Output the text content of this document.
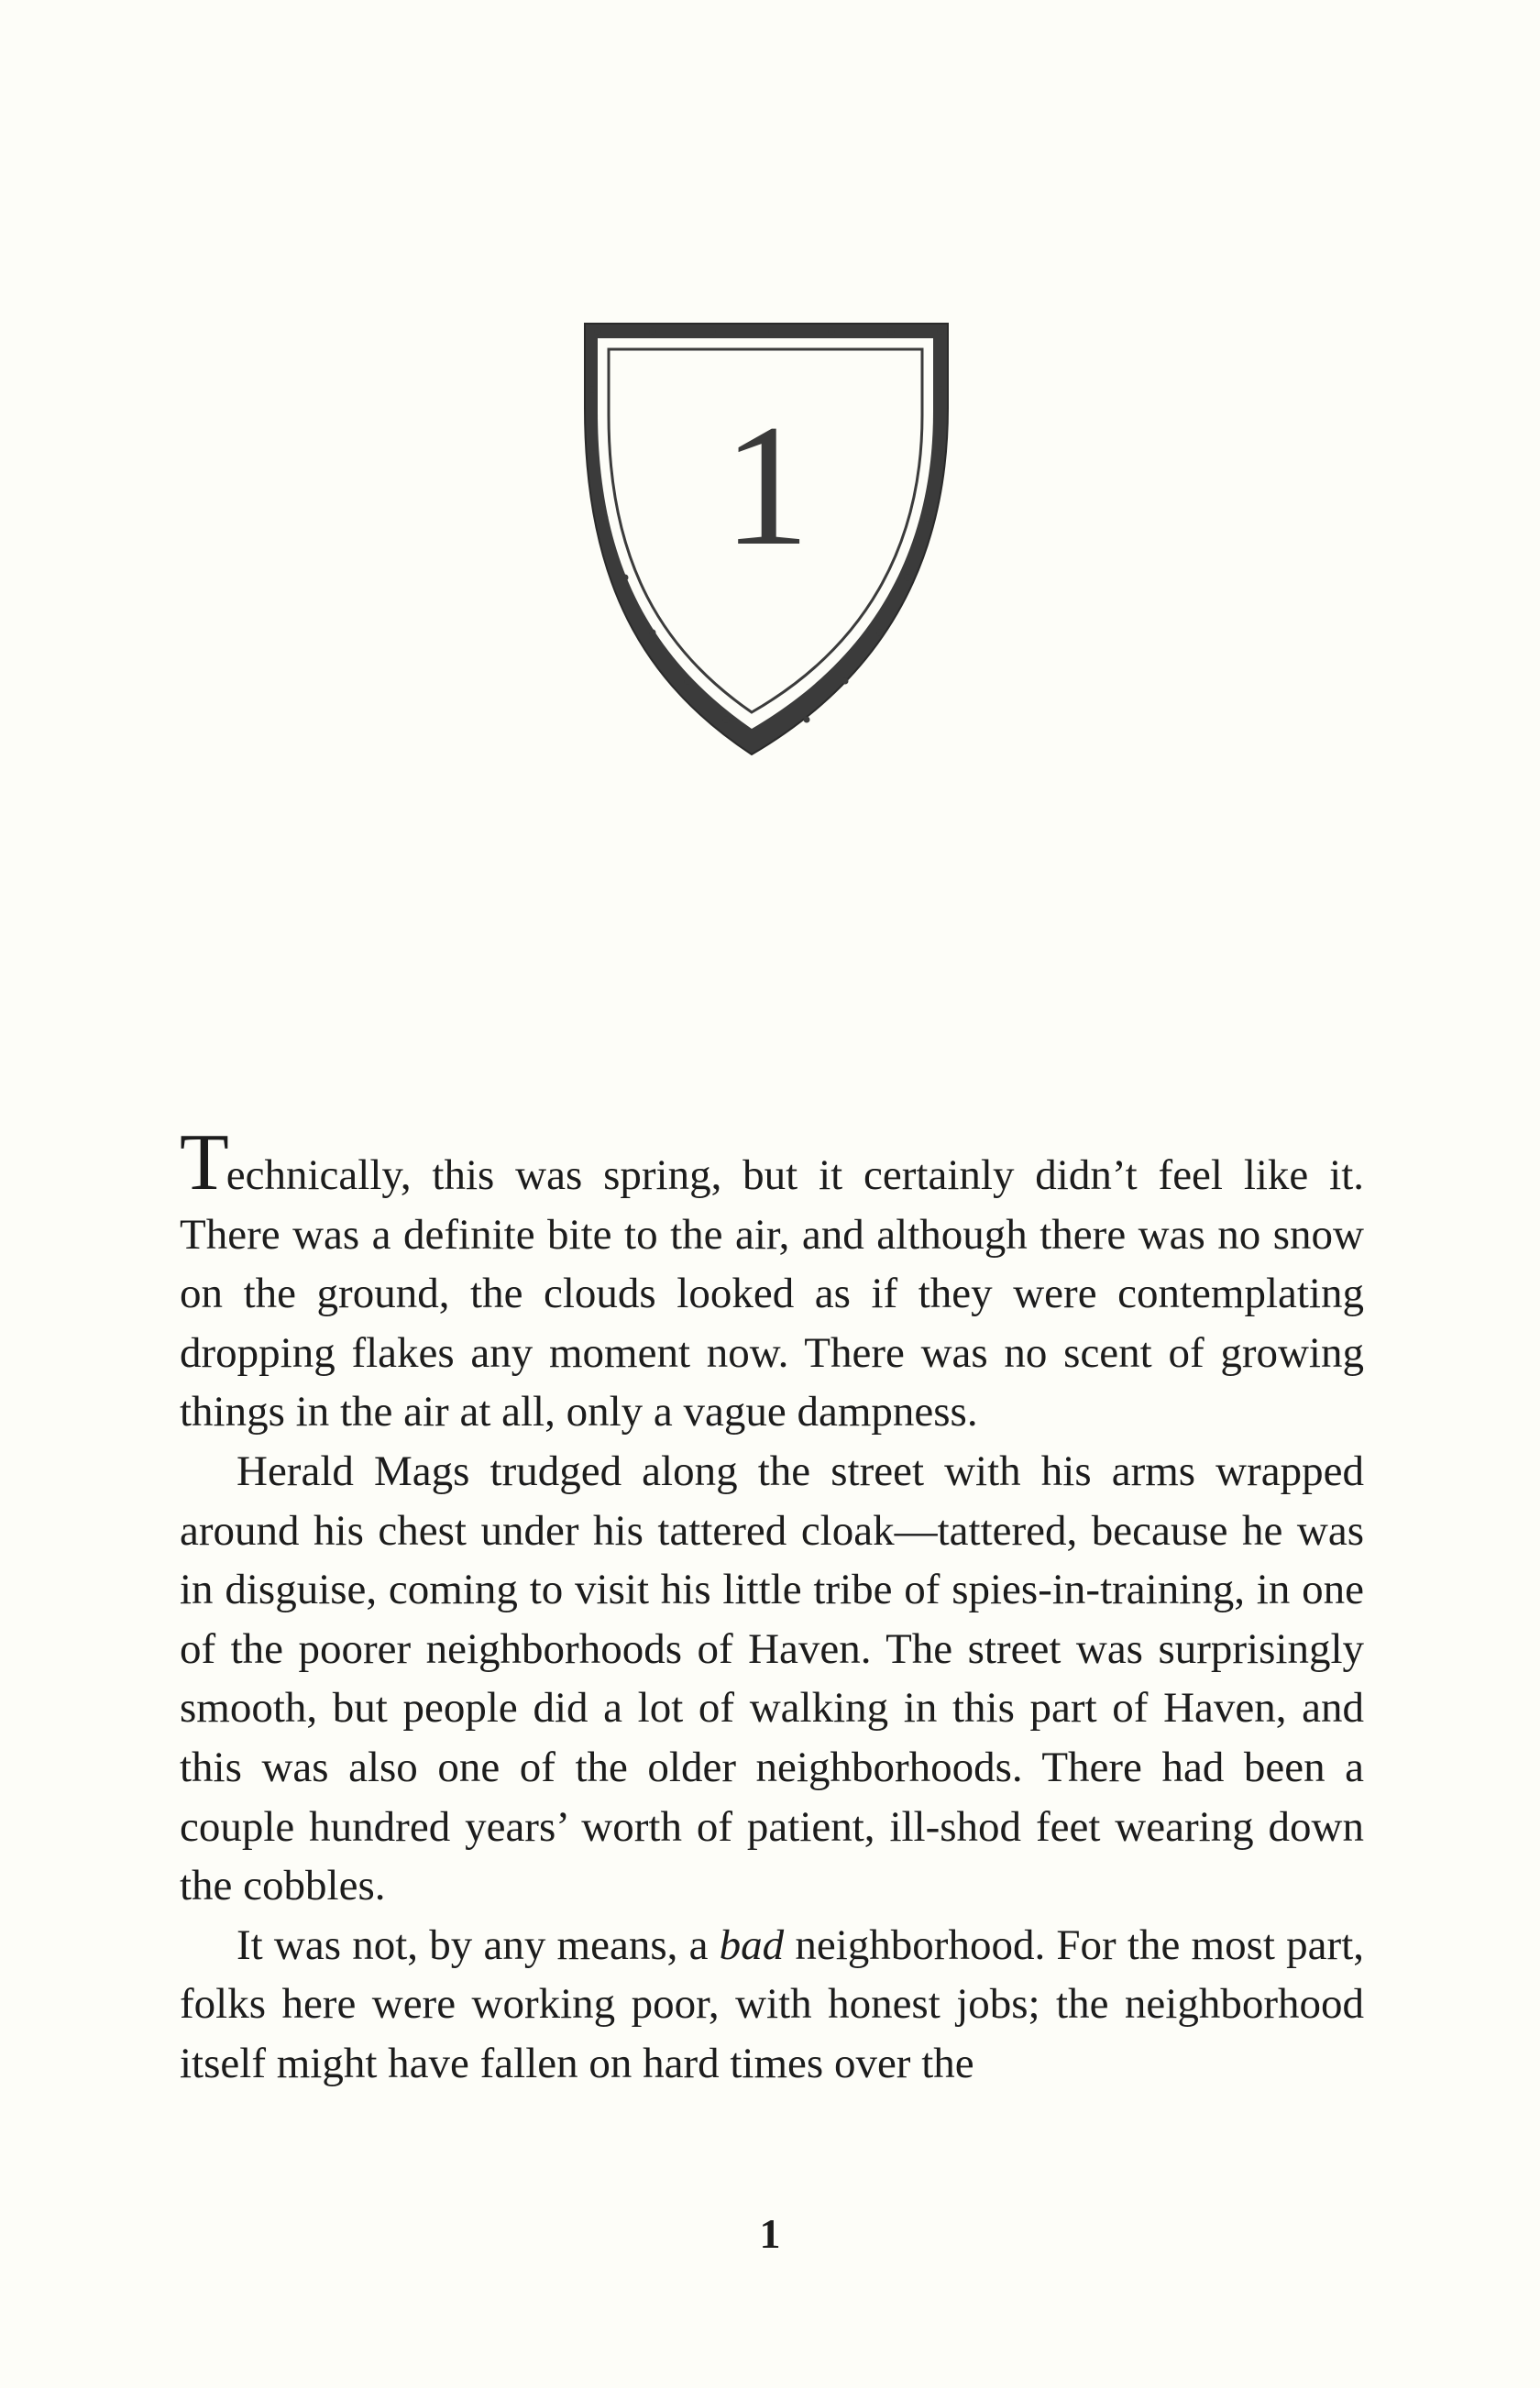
1

Technically, this was spring, but it certainly didn’t feel like it. There was a definite bite to the air, and although there was no snow on the ground, the clouds looked as if they were contemplating dropping flakes any moment now. There was no scent of growing things in the air at all, only a vague dampness.

Herald Mags trudged along the street with his arms wrapped around his chest under his tattered cloak—tattered, because he was in disguise, coming to visit his little tribe of spies-in-training, in one of the poorer neighborhoods of Haven. The street was surprisingly smooth, but people did a lot of walking in this part of Haven, and this was also one of the older neighborhoods. There had been a couple hundred years’ worth of patient, ill-shod feet wearing down the cobbles.

It was not, by any means, a bad neighborhood. For the most part, folks here were working poor, with honest jobs; the neighborhood itself might have fallen on hard times over the

1
